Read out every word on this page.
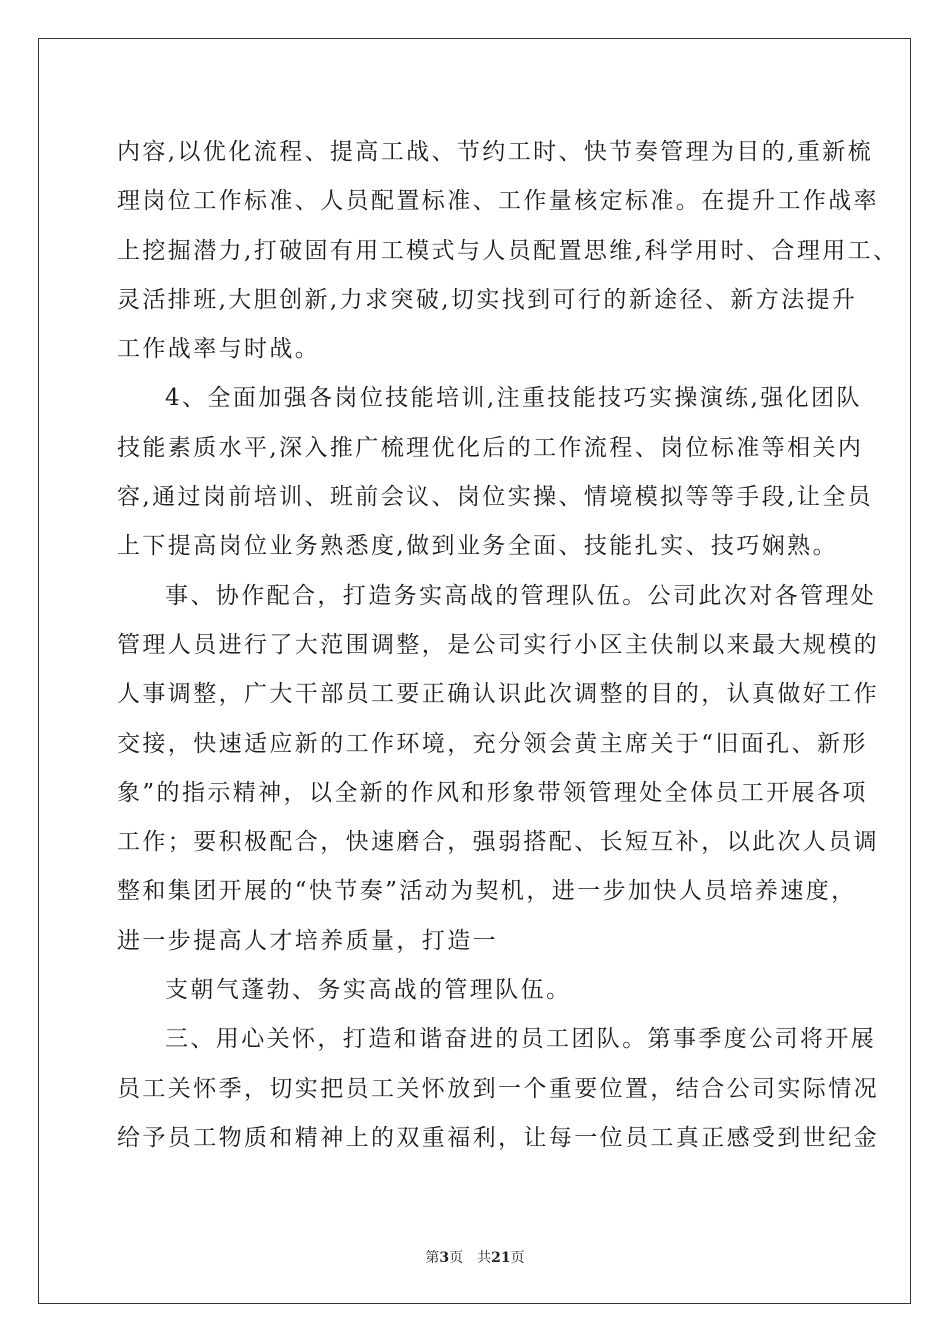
内容,以优化流程、提高工战、节约工时、快节奏管理为目的,重新梳
理岗位工作标准、人员配置标准、工作量核定标准。在提升工作战率
上挖掘潜力,打破固有用工模式与人员配置思维,科学用时、合理用工、
灵活排班,大胆创新,力求突破,切实找到可行的新途径、新方法提升
工作战率与时战。
4、全面加强各岗位技能培训,注重技能技巧实操演练,强化团队
技能素质水平,深入推广梳理优化后的工作流程、岗位标准等相关内
容,通过岗前培训、班前会议、岗位实操、情境模拟等等手段,让全员
上下提高岗位业务熟悉度,做到业务全面、技能扎实、技巧娴熟。
事、协作配合，打造务实高战的管理队伍。公司此次对各管理处
管理人员进行了大范围调整，是公司实行小区主伕制以来最大规模的
人事调整，广大干部员工要正确认识此次调整的目的，认真做好工作
交接，快速适应新的工作环境，充分领会黄主席关于“旧面孔、新形
象”的指示精神，以全新的作风和形象带领管理处全体员工开展各项
工作；要积极配合，快速磨合，强弱搭配、长短互补，以此次人员调
整和集团开展的“快节奏”活动为契机，进一步加快人员培养速度，
进一步提高人才培养质量，打造一
支朝气蓬勃、务实高战的管理队伍。
三、用心关怀，打造和谐奋进的员工团队。第事季度公司将开展
员工关怀季，切实把员工关怀放到一个重要位置，结合公司实际情况
给予员工物质和精神上的双重福利，让每一位员工真正感受到世纪金
第3页 共21页
